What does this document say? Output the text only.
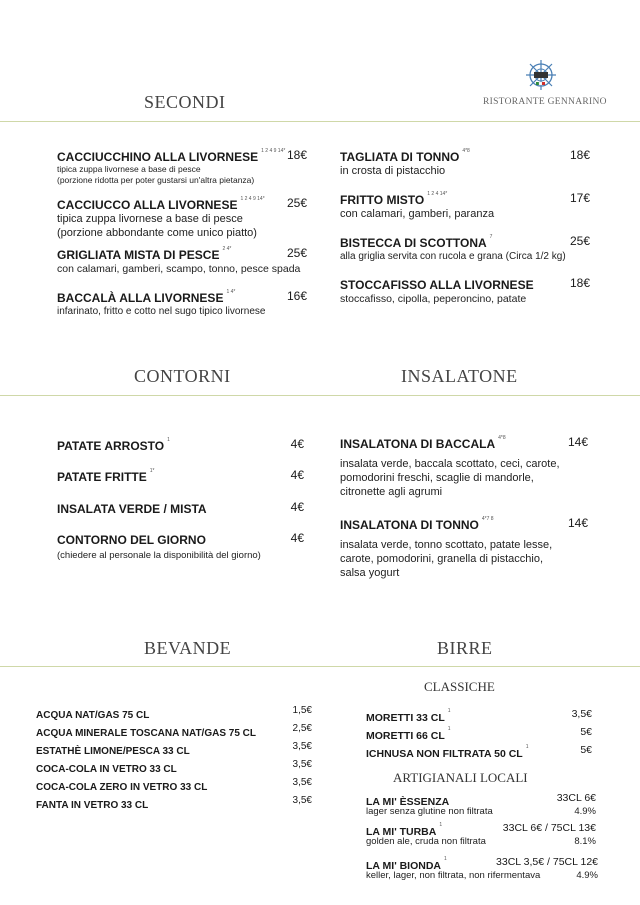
RISTORANTE GENNARINO
SECONDI
CACCIUCCHINO ALLA LIVORNESE $^{1 2 4 9 14*}$ 18€
tipica zuppa livornese a base di pesce
(porzione ridotta per poter gustarsi un'altra pietanza)
CACCIUCCO ALLA LIVORNESE $^{1 2 4 9 14*}$ 25€
tipica zuppa livornese a base di pesce
(porzione abbondante come unico piatto)
GRIGLIATA MISTA DI PESCE $^{2 4*}$	25€
con calamari, gamberi, scampo, tonno, pesce spada
BACCALÀ ALLA LIVORNESE $^{1 4*}$	16€
infarinato, fritto e cotto nel sugo tipico livornese
TAGLIATA DI TONNO $^{4*8}$	18€
in crosta di pistacchio
FRITTO MISTO $^{1 2 4 14*}$	17€
con calamari, gamberi, paranza
BISTECCA DI SCOTTONA $^7$	25€
alla griglia servita con rucola e grana (Circa 1/2 kg)
STOCCAFISSO ALLA LIVORNESE	18€
stoccafisso, cipolla, peperoncino, patate
CONTORNI	INSALATONE
PATATE ARROSTO $^1$	4€
PATATE FRITTE $^{1*}$	4€
INSALATA VERDE / MISTA	4€
CONTORNO DEL GIORNO	4€
(chiedere al personale la disponibilità del giorno)
INSALATONA DI BACCALA $^{4*8}$	14€
insalata verde, baccala scottato, ceci, carote,
pomodorini freschi, scaglie di mandorle,
citronette agli agrumi
INSALATONA DI TONNO $^{4*7 8}$	14€
insalata verde, tonno scottato, patate lesse,
carote, pomodorini, granella di pistacchio,
salsa yogurt
BEVANDE	BIRRE
ACQUA NAT/GAS 75 CL	1,5€
ACQUA MINERALE TOSCANA NAT/GAS 75 CL	2,5€
ESTATHÈ LIMONE/PESCA 33 CL	3,5€
COCA-COLA IN VETRO 33 CL	3,5€
COCA-COLA ZERO IN VETRO 33 CL	3,5€
FANTA IN VETRO 33 CL	3,5€
CLASSICHE
MORETTI 33 $CL^1$	3,5€
MORETTI 66 $CL^1$	5€
ICHNUSA NON FILTRATA 50 $CL^1$	5€
ARTIGIANALI LOCALI
LA MI' ÈSSENZA	33CL 6€
lager senza glutine non filtrata	4.9%
LA MI' TURBA$^1$	33CL 6€ / 75CL 13€
golden ale, cruda non filtrata	8.1%
LA MI' BIONDA$^1$	33CL 3,5€ / 75CL 12€
keller, lager, non filtrata, non rifermentava	4.9%
